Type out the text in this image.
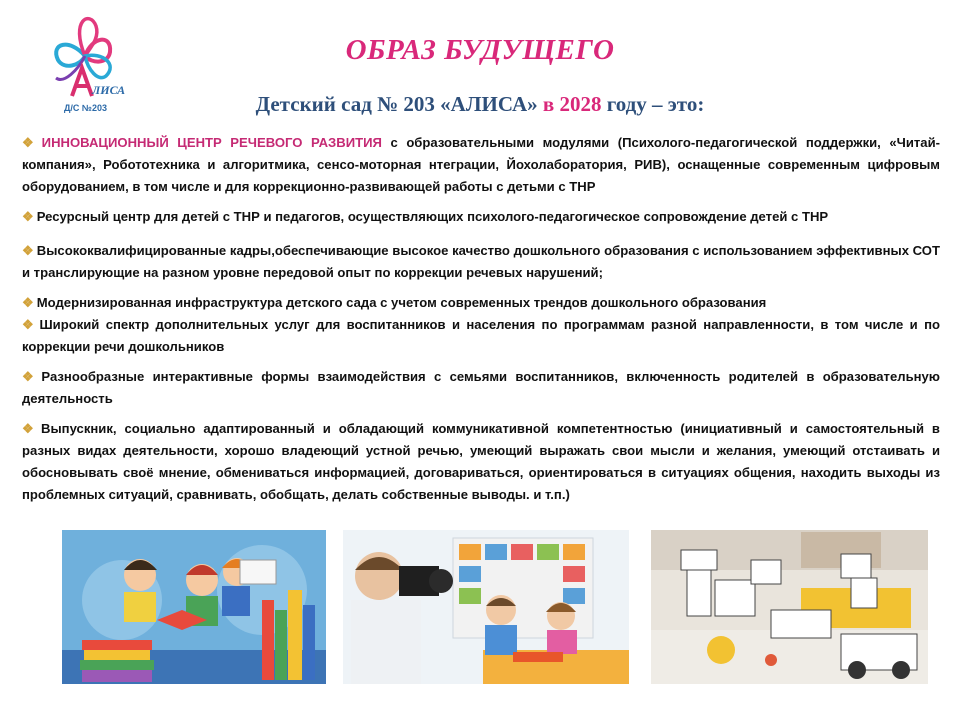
ЛИСА
Д/С №203
ОБРАЗ БУДУЩЕГО
Детский сад № 203 «АЛИСА» в 2028 году – это:
❖ ИННОВАЦИОННЫЙ ЦЕНТР РЕЧЕВОГО РАЗВИТИЯ с образовательными модулями (Психолого-педагогической поддержки, «Читай-компания», Робототехника и алгоритмика, сенсо-моторная нтеграции, Йохолаборатория, РИВ), оснащенные современным цифровым оборудованием, в том числе и для коррекционно-развивающей работы с детьми с ТНР
❖ Ресурсный центр для детей с ТНР и педагогов, осуществляющих психолого-педагогическое сопровождение детей с ТНР
❖ Высококвалифицированные кадры,обеспечивающие высокое качество дошкольного образования с использованием эффективных СОТ и транслирующие на разном уровне передовой опыт по коррекции речевых нарушений;
❖ Модернизированная инфраструктура детского сада с учетом современных трендов дошкольного образования
❖ Широкий спектр дополнительных услуг для воспитанников и населения по программам разной направленности, в том числе и по коррекции речи дошкольников
❖ Разнообразные интерактивные формы взаимодействия с семьями воспитанников, включенность родителей в образовательную деятельность
❖ Выпускник, социально адаптированный и обладающий коммуникативной компетентностью (инициативный и самостоятельный в разных видах деятельности, хорошо владеющий устной речью, умеющий выражать свои мысли и желания, умеющий отстаивать и обосновывать своё мнение, обмениваться информацией, договариваться, ориентироваться в ситуациях общения, находить выходы из проблемных ситуаций, сравнивать, обобщать, делать собственные выводы. и т.п.)
